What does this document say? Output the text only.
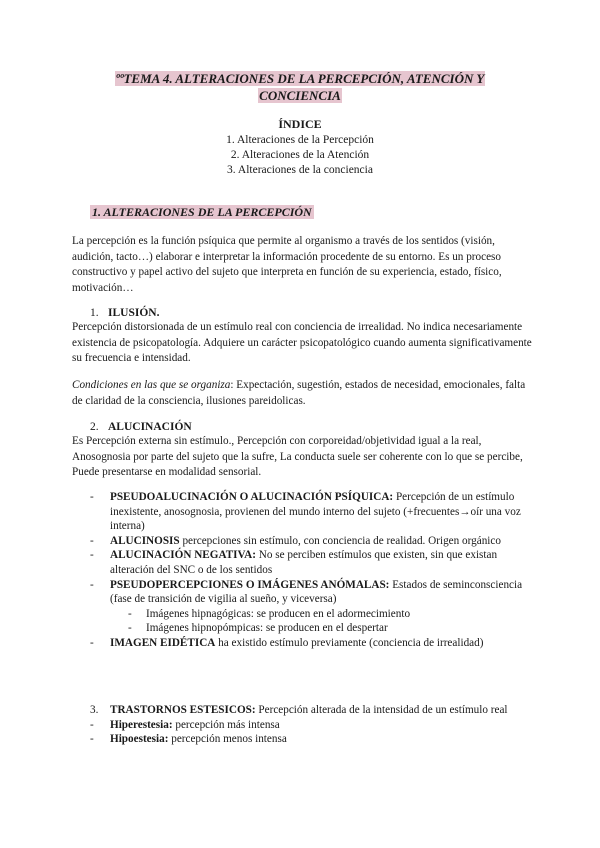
ººTEMA 4. ALTERACIONES DE LA PERCEPCIÓN, ATENCIÓN Y
CONCIENCIA
ÍNDICE
1. Alteraciones de la Percepción
2. Alteraciones de la Atención
3. Alteraciones de la conciencia
1. ALTERACIONES DE LA PERCEPCIÓN
La percepción es la función psíquica que permite al organismo a través de los sentidos (visión, audición, tacto…) elaborar e interpretar la información procedente de su entorno. Es un proceso constructivo y papel activo del sujeto que interpreta en función de su experiencia, estado, físico, motivación…
1. ILUSIÓN.
Percepción distorsionada de un estímulo real con conciencia de irrealidad. No indica necesariamente existencia de psicopatología. Adquiere un carácter psicopatológico cuando aumenta significativamente su frecuencia e intensidad.
Condiciones en las que se organiza: Expectación, sugestión, estados de necesidad, emocionales, falta de claridad de la consciencia, ilusiones pareidolicas.
2. ALUCINACIÓN
Es Percepción externa sin estímulo., Percepción con corporeidad/objetividad igual a la real, Anosognosia por parte del sujeto que la sufre, La conducta suele ser coherente con lo que se percibe, Puede presentarse en modalidad sensorial.
- PSEUDOALUCINACIÓN O ALUCINACIÓN PSÍQUICA: Percepción de un estímulo inexistente, anosognosia, provienen del mundo interno del sujeto (+frecuentes→oír una voz interna)
- ALUCINOSIS percepciones sin estímulo, con conciencia de realidad. Origen orgánico
- ALUCINACIÓN NEGATIVA: No se perciben estímulos que existen, sin que existan alteración del SNC o de los sentidos
- PSEUDOPERCEPCIONES O IMÁGENES ANÓMALAS: Estados de seminconsciencia (fase de transición de vigilia al sueño, y viceversa)
- Imágenes hipnagógicas: se producen en el adormecimiento
- Imágenes hipnopómpicas: se producen en el despertar
- IMAGEN EIDÉTICA ha existido estímulo previamente (conciencia de irrealidad)
3. TRASTORNOS ESTESICOS: Percepción alterada de la intensidad de un estímulo real
- Hiperestesia: percepción más intensa
- Hipoestesia: percepción menos intensa
